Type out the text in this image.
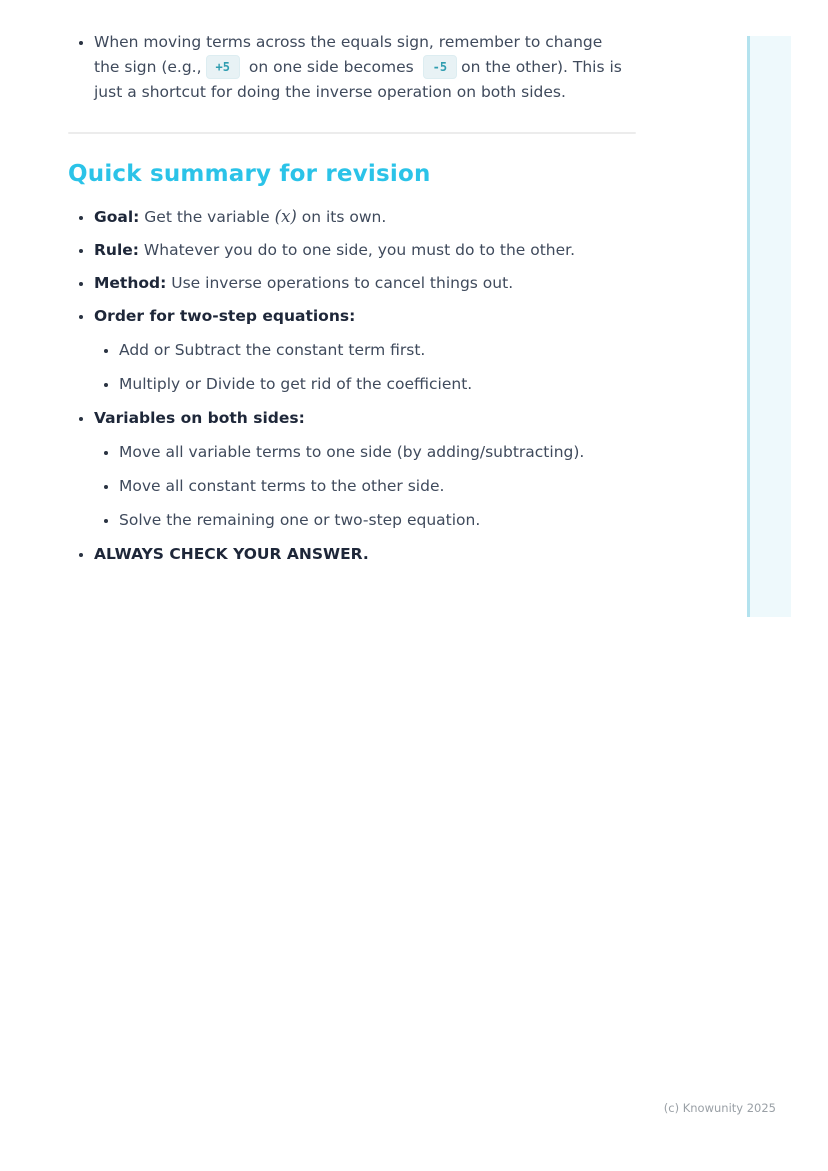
• When moving terms across the equals sign, remember to change the sign (e.g., +5 on one side becomes -5 on the other). This is just a shortcut for doing the inverse operation on both sides.
Quick summary for revision
• Goal: Get the variable (x) on its own.
• Rule: Whatever you do to one side, you must do to the other.
• Method: Use inverse operations to cancel things out.
• Order for two-step equations:
• Add or Subtract the constant term first.
• Multiply or Divide to get rid of the coefficient.
• Variables on both sides:
• Move all variable terms to one side (by adding/subtracting).
• Move all constant terms to the other side.
• Solve the remaining one or two-step equation.
• ALWAYS CHECK YOUR ANSWER.
(c) Knowunity 2025
